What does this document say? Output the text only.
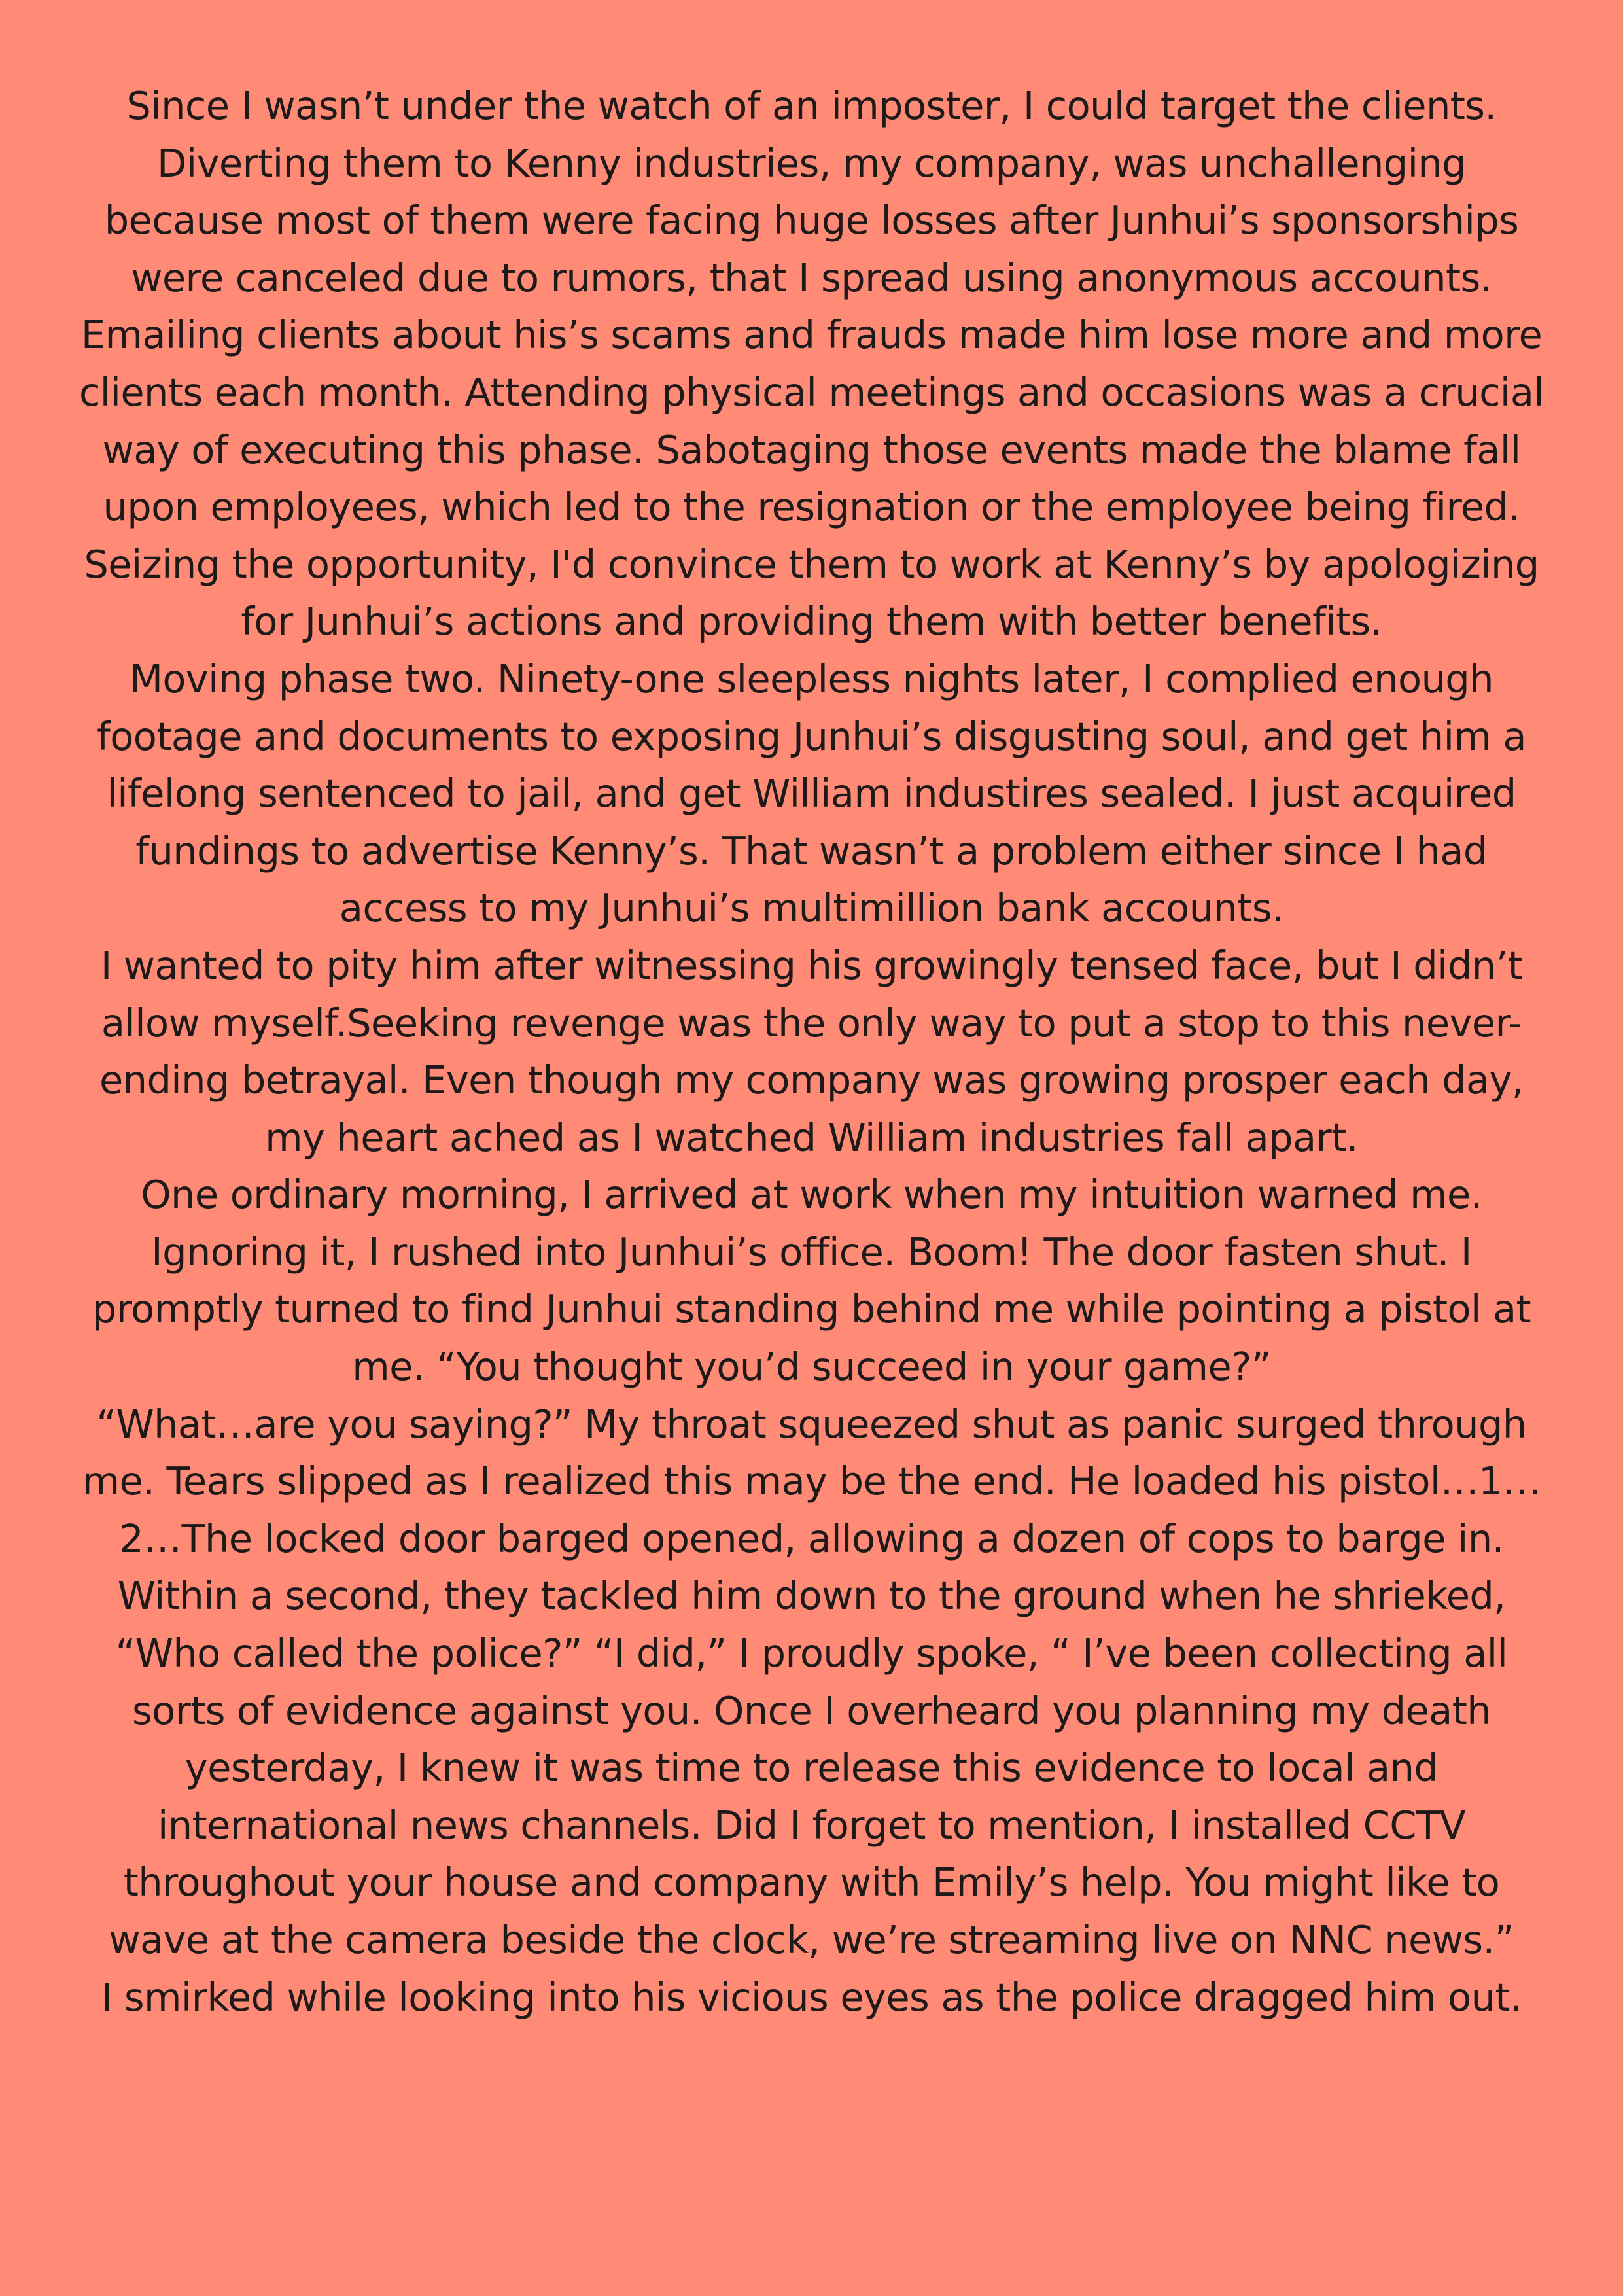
Since I wasn’t under the watch of an imposter, I could target the clients.
Diverting them to Kenny industries, my company, was unchallenging
because most of them were facing huge losses after Junhui’s sponsorships
were canceled due to rumors, that I spread using anonymous accounts.
Emailing clients about his’s scams and frauds made him lose more and more
clients each month. Attending physical meetings and occasions was a crucial
way of executing this phase. Sabotaging those events made the blame fall
upon employees, which led to the resignation or the employee being fired.
Seizing the opportunity, I'd convince them to work at Kenny’s by apologizing
for Junhui’s actions and providing them with better benefits.
Moving phase two. Ninety-one sleepless nights later, I complied enough
footage and documents to exposing Junhui’s disgusting soul, and get him a
lifelong sentenced to jail, and get William industires sealed. I just acquired
fundings to advertise Kenny’s. That wasn’t a problem either since I had
access to my Junhui’s multimillion bank accounts.
I wanted to pity him after witnessing his growingly tensed face, but I didn’t
allow myself.Seeking revenge was the only way to put a stop to this never-
ending betrayal. Even though my company was growing prosper each day,
my heart ached as I watched William industries fall apart.
One ordinary morning, I arrived at work when my intuition warned me.
Ignoring it, I rushed into Junhui’s office. Boom! The door fasten shut. I
promptly turned to find Junhui standing behind me while pointing a pistol at
me. “You thought you’d succeed in your game?”
“What…are you saying?” My throat squeezed shut as panic surged through
me. Tears slipped as I realized this may be the end. He loaded his pistol…1…
2…The locked door barged opened, allowing a dozen of cops to barge in.
Within a second, they tackled him down to the ground when he shrieked,
“Who called the police?” “I did,” I proudly spoke, “ I’ve been collecting all
sorts of evidence against you. Once I overheard you planning my death
yesterday, I knew it was time to release this evidence to local and
international news channels. Did I forget to mention, I installed CCTV
throughout your house and company with Emily’s help. You might like to
wave at the camera beside the clock, we’re streaming live on NNC news.”
I smirked while looking into his vicious eyes as the police dragged him out.
